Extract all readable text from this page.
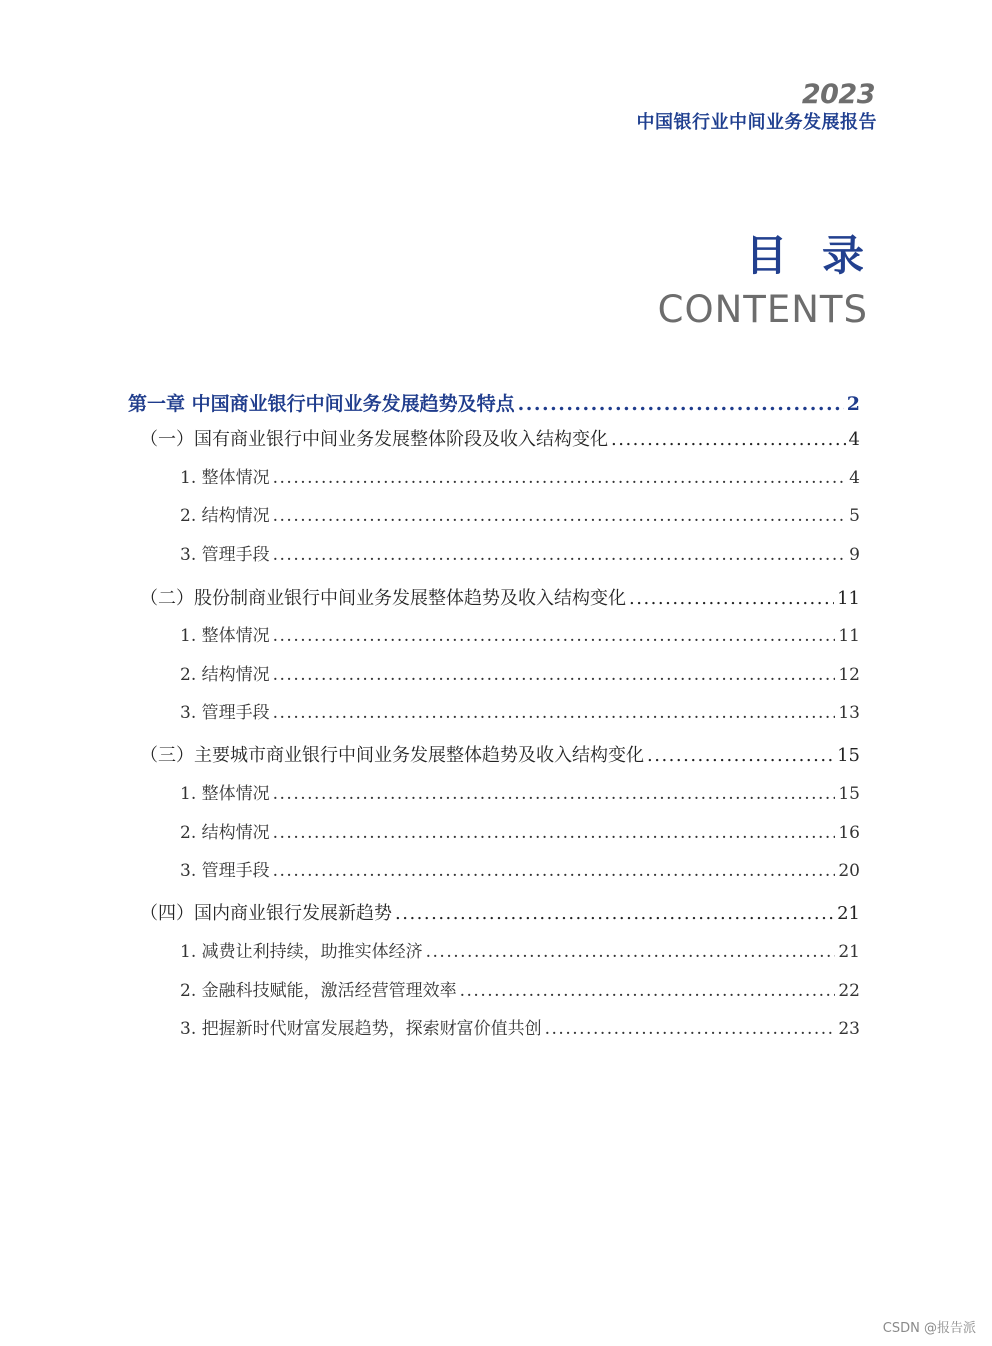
2023
中国银行业中间业务发展报告
目 录
CONTENTS
第一章 中国商业银行中间业务发展趋势及特点 .....	2
（一）国有商业银行中间业务发展整体阶段及收入结构变化 .....	4
1. 整体情况 .....	4
2. 结构情况 .....	5
3. 管理手段 .....	9
（二）股份制商业银行中间业务发展整体趋势及收入结构变化 .....	11
1. 整体情况 .....	11
2. 结构情况 .....	12
3. 管理手段 .....	13
（三）主要城市商业银行中间业务发展整体趋势及收入结构变化 .....	15
1. 整体情况 .....	15
2. 结构情况 .....	16
3. 管理手段 .....	20
（四）国内商业银行发展新趋势 .....	21
1. 减费让利持续，助推实体经济 .....	21
2. 金融科技赋能，激活经营管理效率 .....	22
3. 把握新时代财富发展趋势，探索财富价值共创 .....	23
CSDN @报告派
